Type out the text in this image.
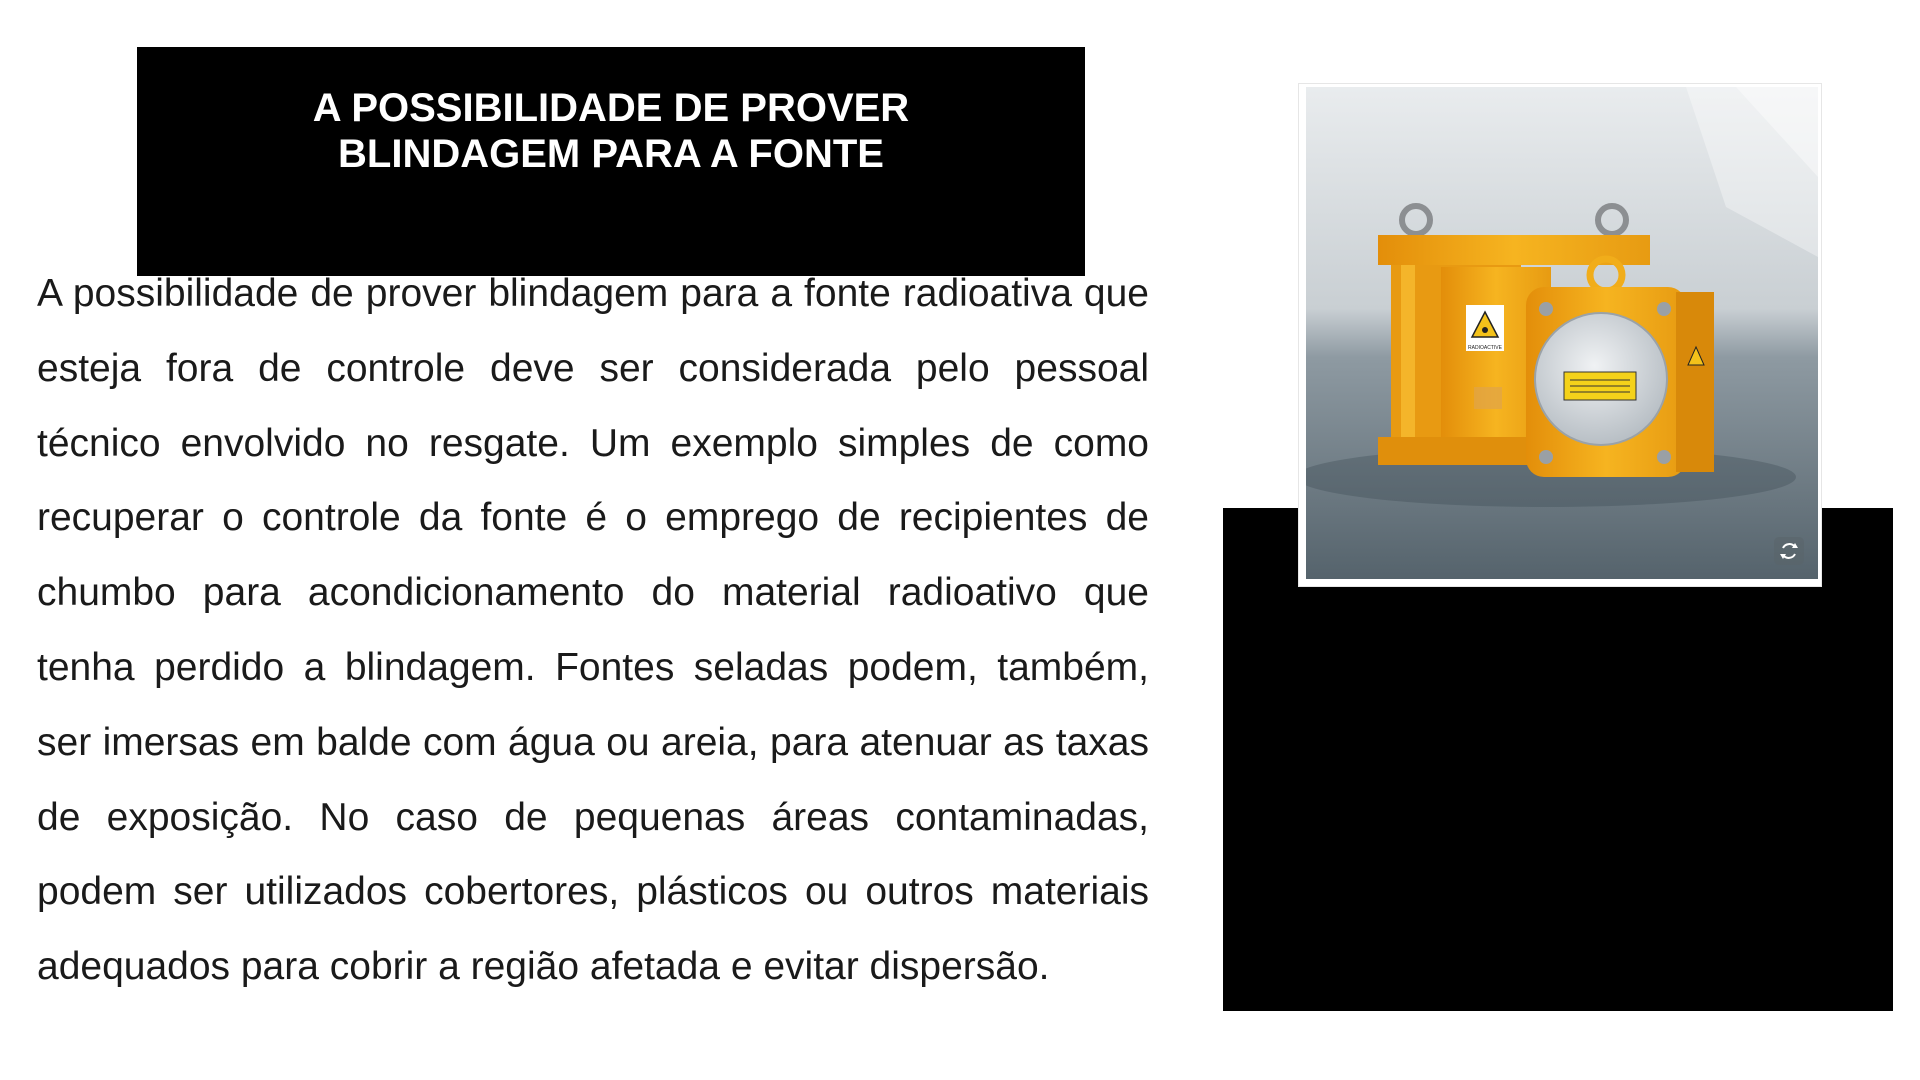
A POSSIBILIDADE DE PROVER
BLINDAGEM PARA A FONTE

A possibilidade de prover blindagem para a fonte radioativa que esteja fora de controle deve ser considerada pelo pessoal técnico envolvido no resgate. Um exemplo simples de como recuperar o controle da fonte é o emprego de recipientes de chumbo para acondicionamento do material radioativo que tenha perdido a blindagem. Fontes seladas podem, também, ser imersas em balde com água ou areia, para atenuar as taxas de exposição. No caso de pequenas áreas contaminadas, podem ser utilizados cobertores, plásticos ou outros materiais adequados para cobrir a região afetada e evitar dispersão.

RADIOACTIVE
